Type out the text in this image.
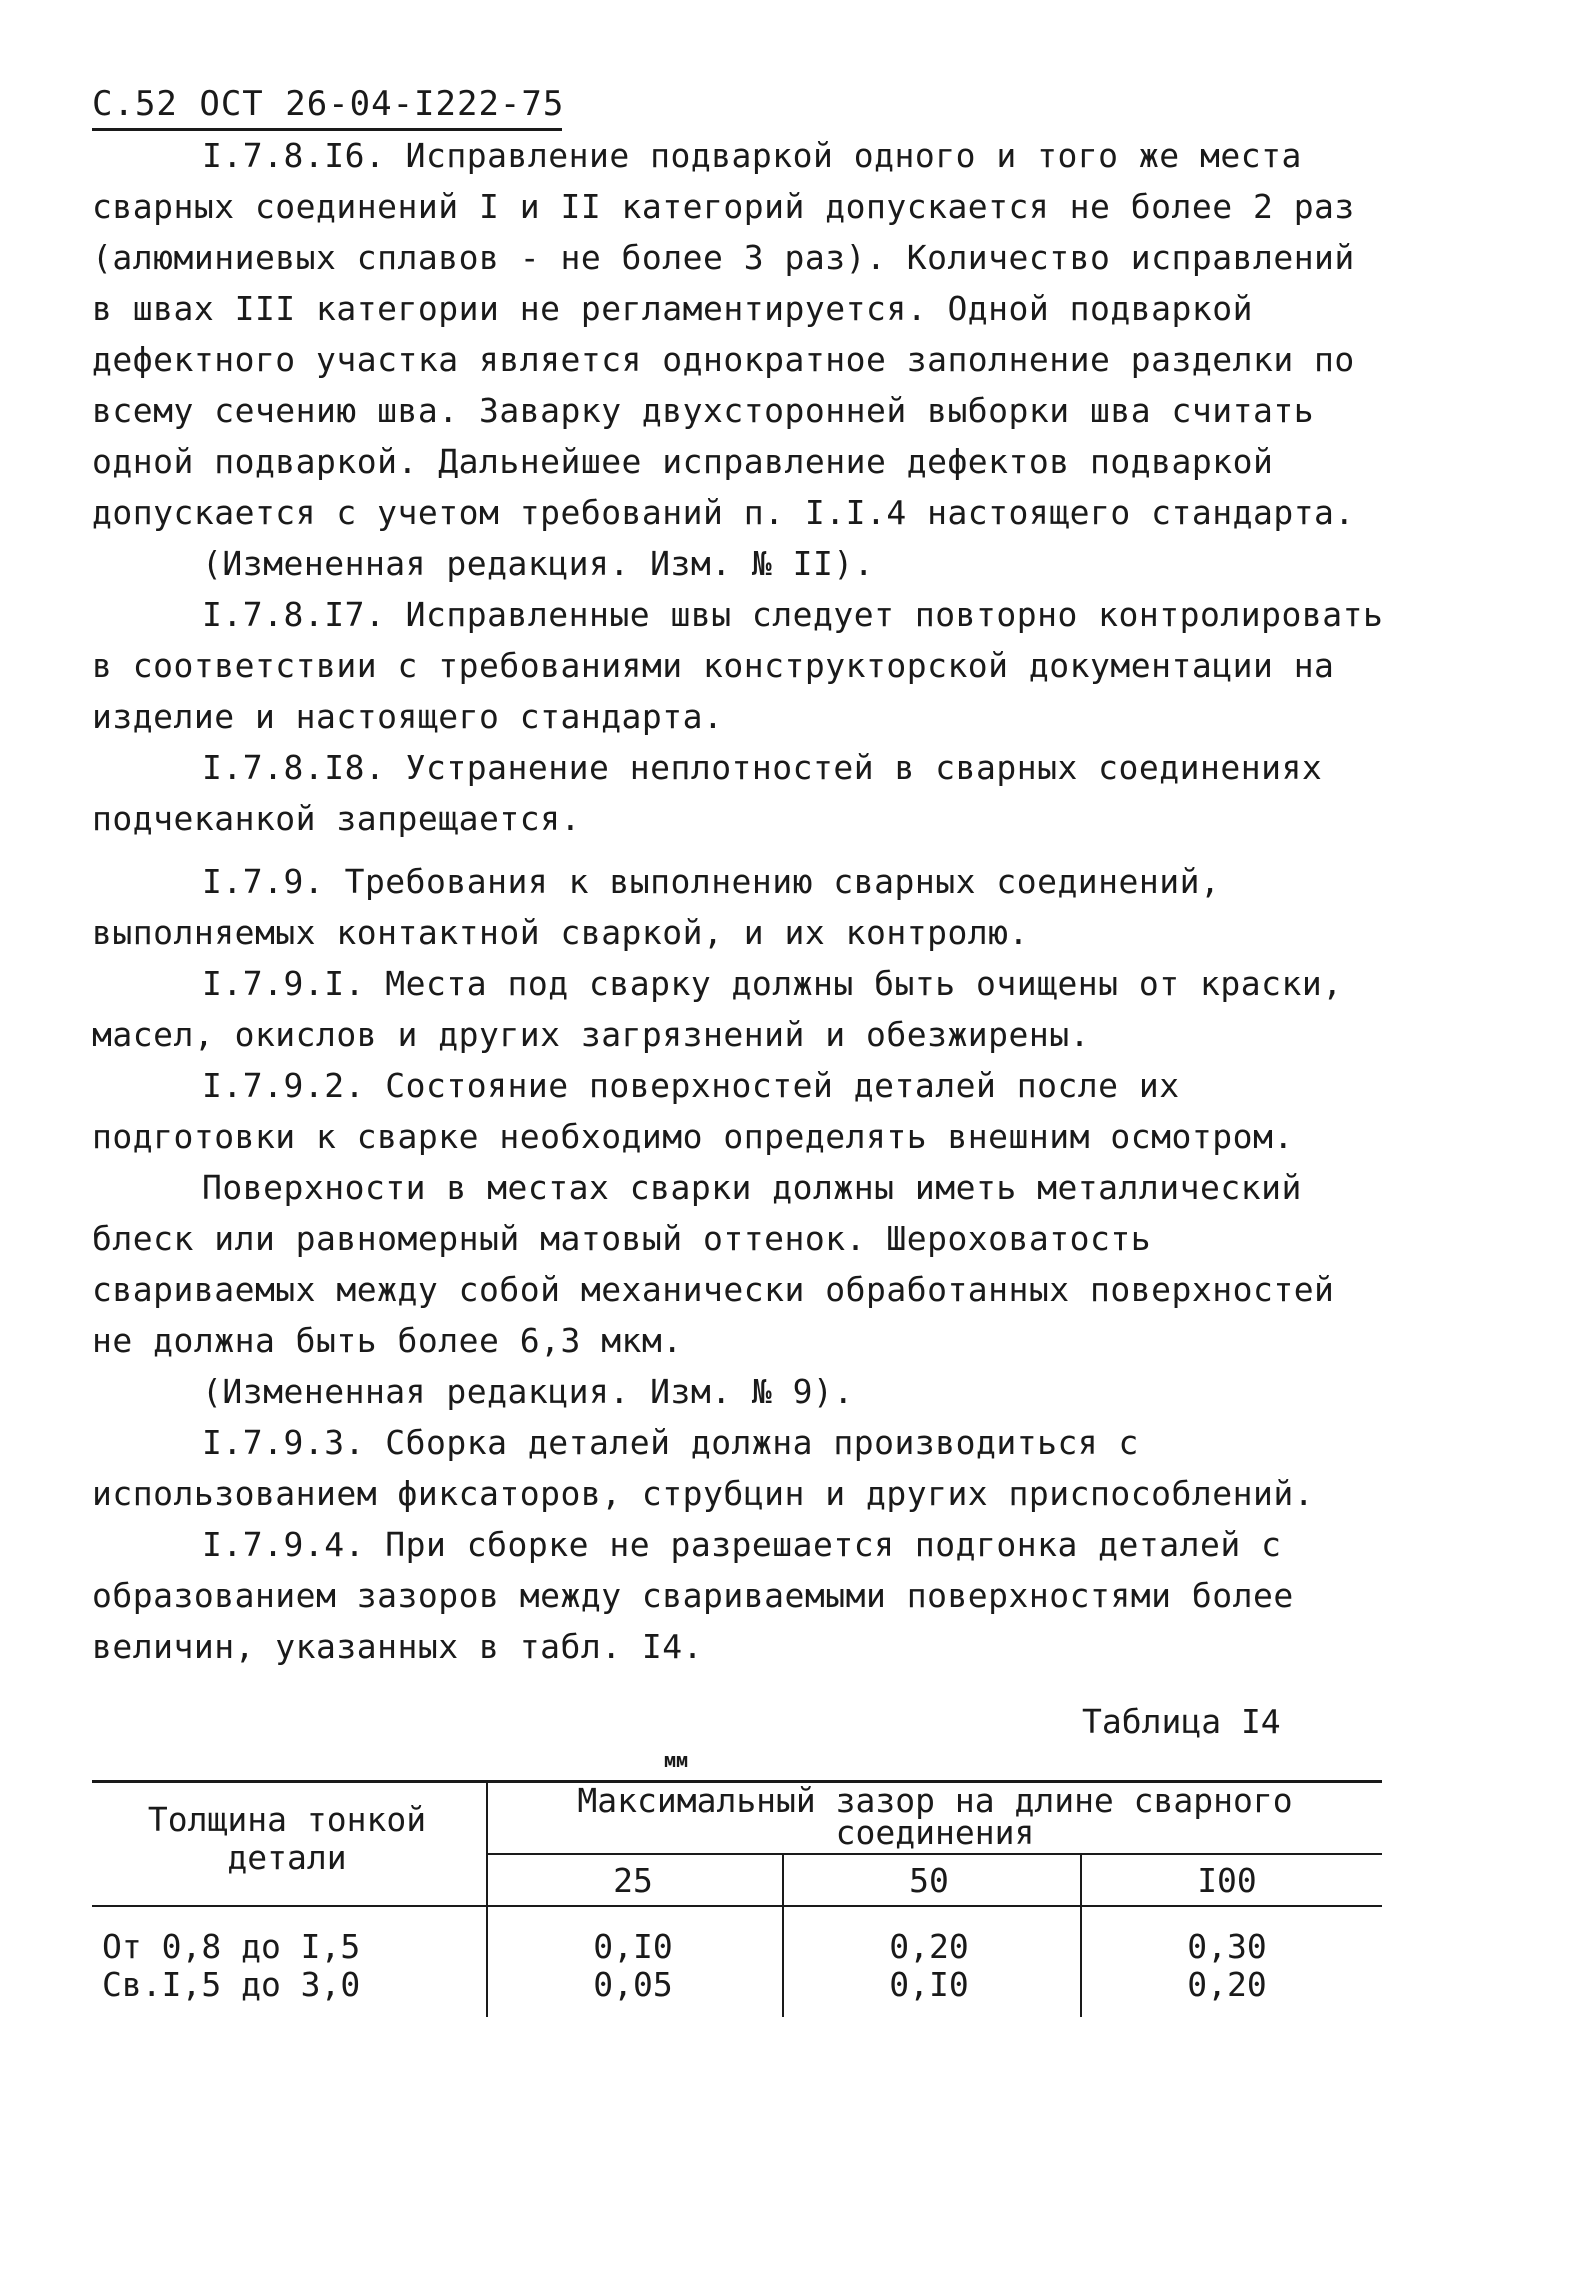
С.52 ОСТ 26-04-I222-75

I.7.8.I6. Исправление подваркой одного и того же места сварных соединений I и II категорий допускается не более 2 раз (алюминиевых сплавов - не более 3 раз). Количество исправлений в швах III категории не регламентируется. Одной подваркой дефектного участка является однократное заполнение разделки по всему сечению шва. Заварку двухсторонней выборки шва считать одной подваркой. Дальнейшее исправление дефектов подваркой допускается с учетом требований п. I.I.4 настоящего стандарта.

(Измененная редакция. Изм. № II).

I.7.8.I7. Исправленные швы следует повторно контролировать в соответствии с требованиями конструкторской документации на изделие и настоящего стандарта.

I.7.8.I8. Устранение неплотностей в сварных соединениях подчеканкой запрещается.

I.7.9. Требования к выполнению сварных соединений, выполняемых контактной сваркой, и их контролю.

I.7.9.I. Места под сварку должны быть очищены от краски, масел, окислов и других загрязнений и обезжирены.

I.7.9.2. Состояние поверхностей деталей после их подготовки к сварке необходимо определять внешним осмотром.

Поверхности в местах сварки должны иметь металлический блеск или равномерный матовый оттенок. Шероховатость свариваемых между собой механически обработанных поверхностей не должна быть более 6,3 мкм.

(Измененная редакция. Изм. № 9).

I.7.9.3. Сборка деталей должна производиться с использованием фиксаторов, струбцин и других приспособлений.

I.7.9.4. При сборке не разрешается подгонка деталей с образованием зазоров между свариваемыми поверхностями более величин, указанных в табл. I4.

Таблица I4
мм
Толщина тонкой детали
Максимальный зазор на длине сварного соединения
25	50	I00
От 0,8 до I,5	0,I0	0,20	0,30
Св.I,5 до 3,0	0,05	0,I0	0,20
